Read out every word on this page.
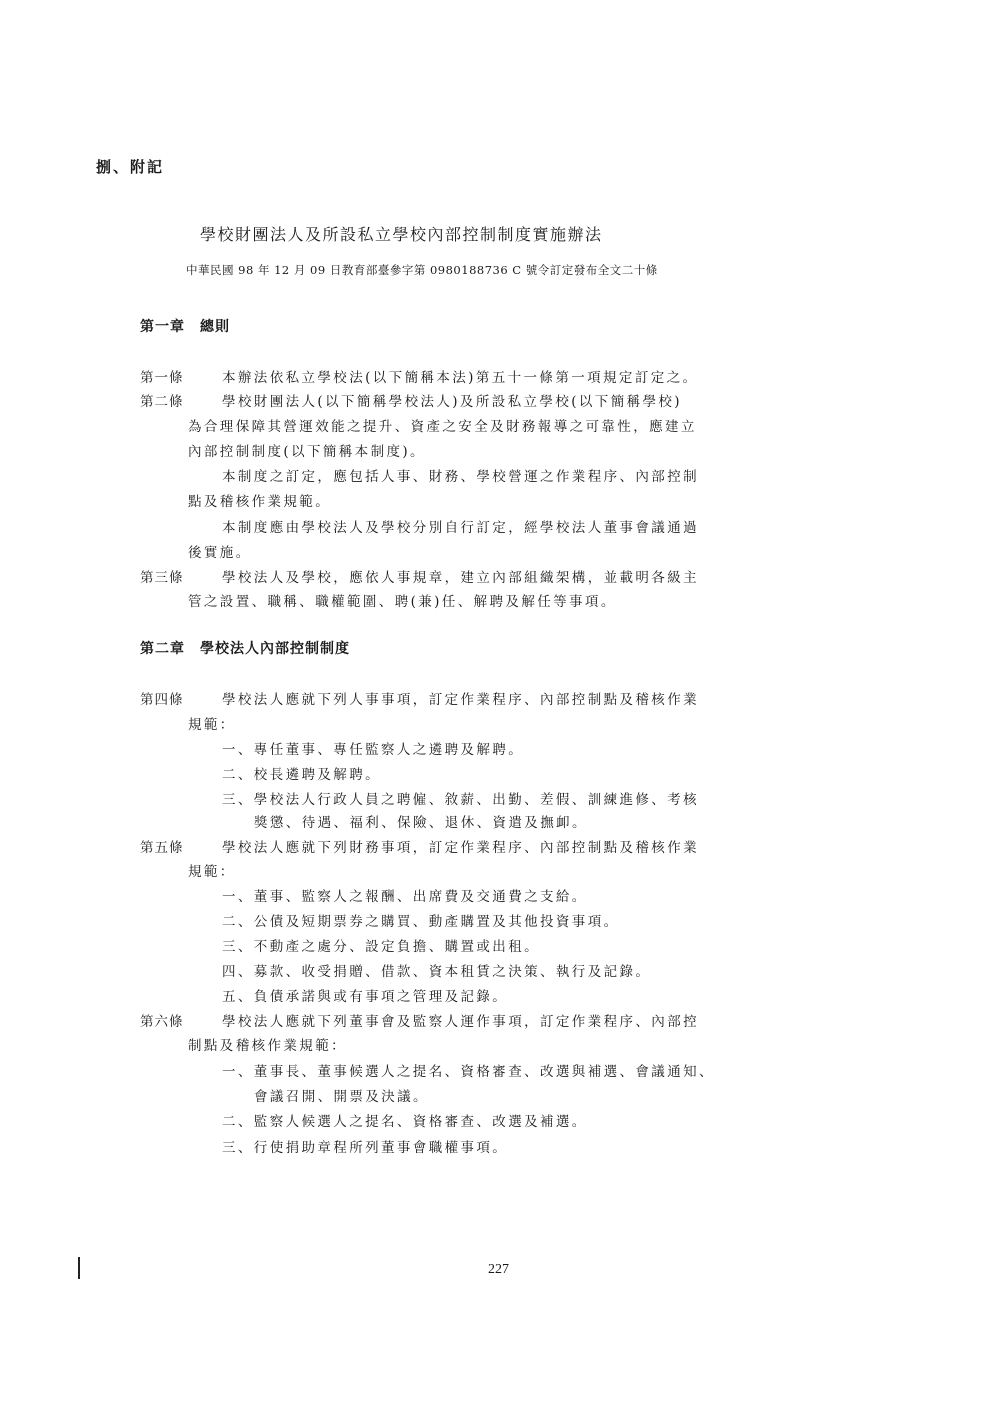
捌、附記
學校財團法人及所設私立學校內部控制制度實施辦法
中華民國 98 年 12 月 09 日教育部臺參字第 0980188736 C 號令訂定發布全文二十條
第一章　總則
第一條	本辦法依私立學校法(以下簡稱本法)第五十一條第一項規定訂定之。
第二條	學校財團法人(以下簡稱學校法人)及所設私立學校(以下簡稱學校)
為合理保障其營運效能之提升、資產之安全及財務報導之可靠性，應建立
內部控制制度(以下簡稱本制度)。
本制度之訂定，應包括人事、財務、學校營運之作業程序、內部控制
點及稽核作業規範。
本制度應由學校法人及學校分別自行訂定，經學校法人董事會議通過
後實施。
第三條	學校法人及學校，應依人事規章，建立內部組織架構，並載明各級主
管之設置、職稱、職權範圍、聘(兼)任、解聘及解任等事項。
第二章　學校法人內部控制制度
第四條	學校法人應就下列人事事項，訂定作業程序、內部控制點及稽核作業
規範：
一、專任董事、專任監察人之遴聘及解聘。
二、校長遴聘及解聘。
三、學校法人行政人員之聘僱、敘薪、出勤、差假、訓練進修、考核
獎懲、待遇、福利、保險、退休、資遣及撫卹。
第五條	學校法人應就下列財務事項，訂定作業程序、內部控制點及稽核作業
規範：
一、董事、監察人之報酬、出席費及交通費之支給。
二、公債及短期票券之購買、動產購置及其他投資事項。
三、不動產之處分、設定負擔、購置或出租。
四、募款、收受捐贈、借款、資本租賃之決策、執行及記錄。
五、負債承諾與或有事項之管理及記錄。
第六條	學校法人應就下列董事會及監察人運作事項，訂定作業程序、內部控
制點及稽核作業規範：
一、董事長、董事候選人之提名、資格審查、改選與補選、會議通知、
會議召開、開票及決議。
二、監察人候選人之提名、資格審查、改選及補選。
三、行使捐助章程所列董事會職權事項。
227
